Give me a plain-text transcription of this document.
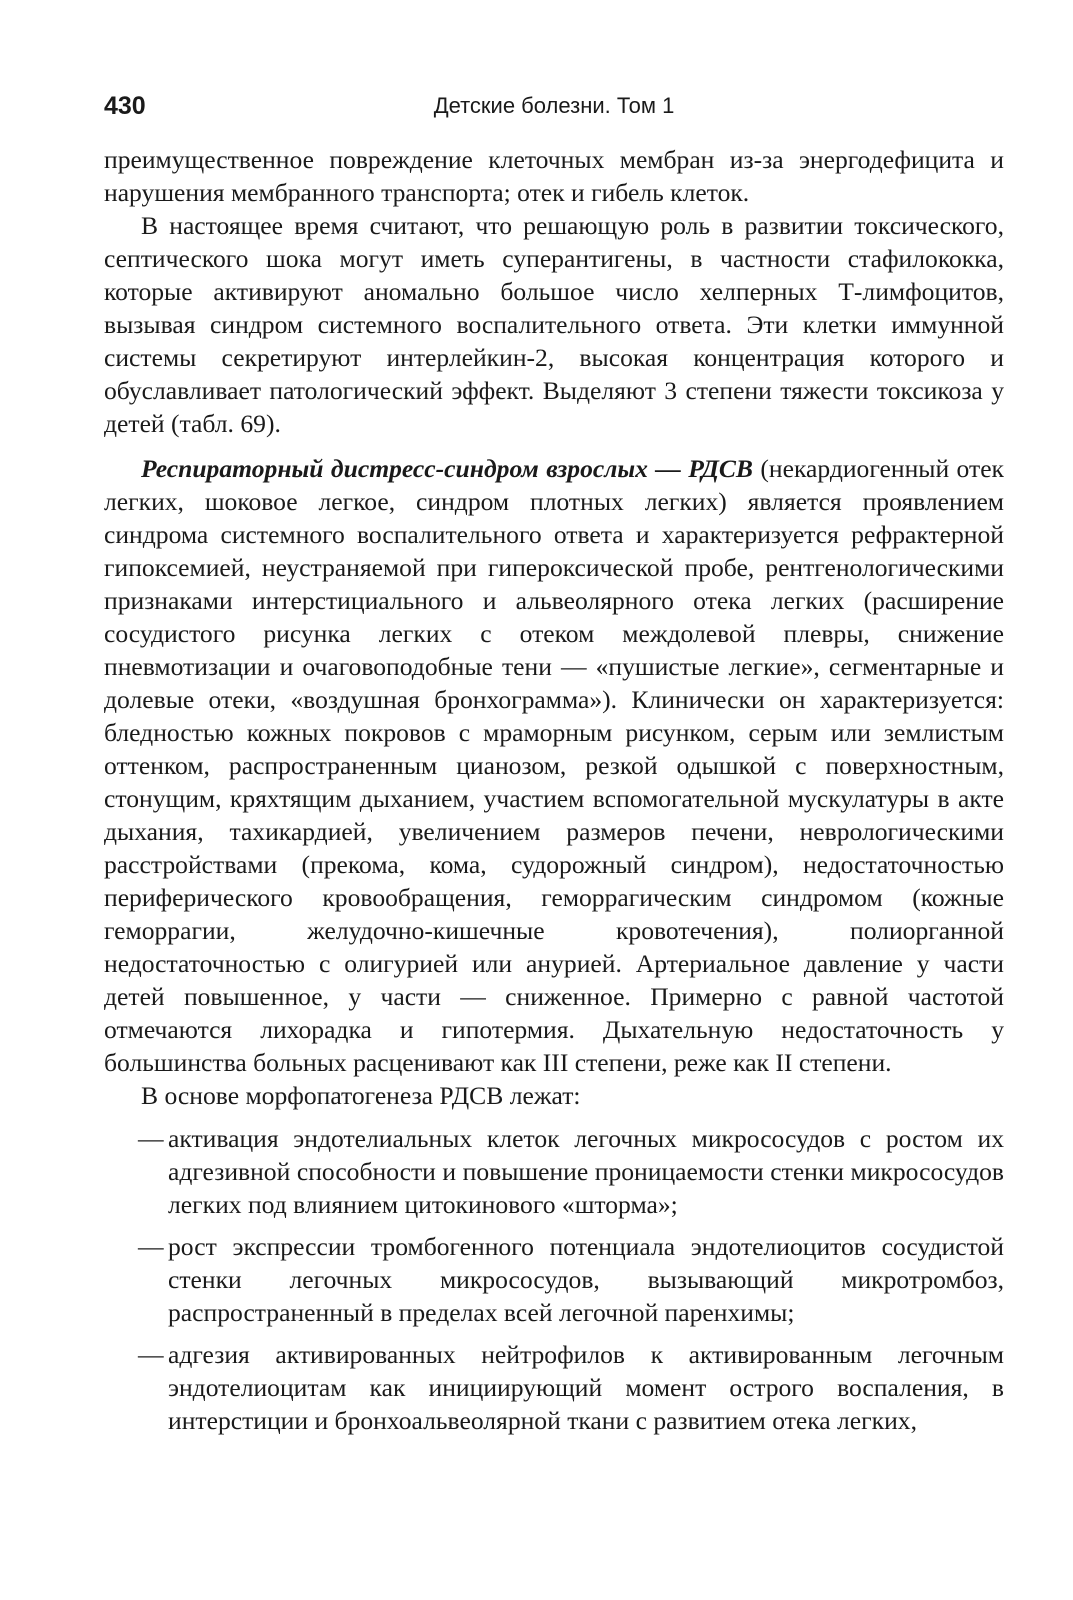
430	Детские болезни. Том 1

преимущественное повреждение клеточных мембран из-за энергодефицита и нарушения мембранного транспорта; отек и гибель клеток.

В настоящее время считают, что решающую роль в развитии токсического, септического шока могут иметь суперантигены, в частности стафилококка, которые активируют аномально большое число хелперных Т-лимфоцитов, вызывая синдром системного воспалительного ответа. Эти клетки иммунной системы секретируют интерлейкин-2, высокая концентрация которого и обуславливает патологический эффект. Выделяют 3 степени тяжести токсикоза у детей (табл. 69).

Респираторный дистресс-синдром взрослых — РДСВ (некардиогенный отек легких, шоковое легкое, синдром плотных легких) является проявлением синдрома системного воспалительного ответа и характеризуется рефрактерной гипоксемией, неустраняемой при гипероксической пробе, рентгенологическими признаками интерстициального и альвеолярного отека легких (расширение сосудистого рисунка легких с отеком междолевой плевры, снижение пневмотизации и очаговоподобные тени — «пушистые легкие», сегментарные и долевые отеки, «воздушная бронхограмма»). Клинически он характеризуется: бледностью кожных покровов с мраморным рисунком, серым или землистым оттенком, распространенным цианозом, резкой одышкой с поверхностным, стонущим, кряхтящим дыханием, участием вспомогательной мускулатуры в акте дыхания, тахикардией, увеличением размеров печени, неврологическими расстройствами (прекома, кома, судорожный синдром), недостаточностью периферического кровообращения, геморрагическим синдромом (кожные геморрагии, желудочно-кишечные кровотечения), полиорганной недостаточностью с олигурией или анурией. Артериальное давление у части детей повышенное, у части — сниженное. Примерно с равной частотой отмечаются лихорадка и гипотермия. Дыхательную недостаточность у большинства больных расценивают как III степени, реже как II степени.

В основе морфопатогенеза РДСВ лежат:

— активация эндотелиальных клеток легочных микрососудов с ростом их адгезивной способности и повышение проницаемости стенки микрососудов легких под влиянием цитокинового «шторма»;
— рост экспрессии тромбогенного потенциала эндотелиоцитов сосудистой стенки легочных микрососудов, вызывающий микротромбоз, распространенный в пределах всей легочной паренхимы;
— адгезия активированных нейтрофилов к активированным легочным эндотелиоцитам как инициирующий момент острого воспаления, в интерстиции и бронхоальвеолярной ткани с развитием отека легких,
